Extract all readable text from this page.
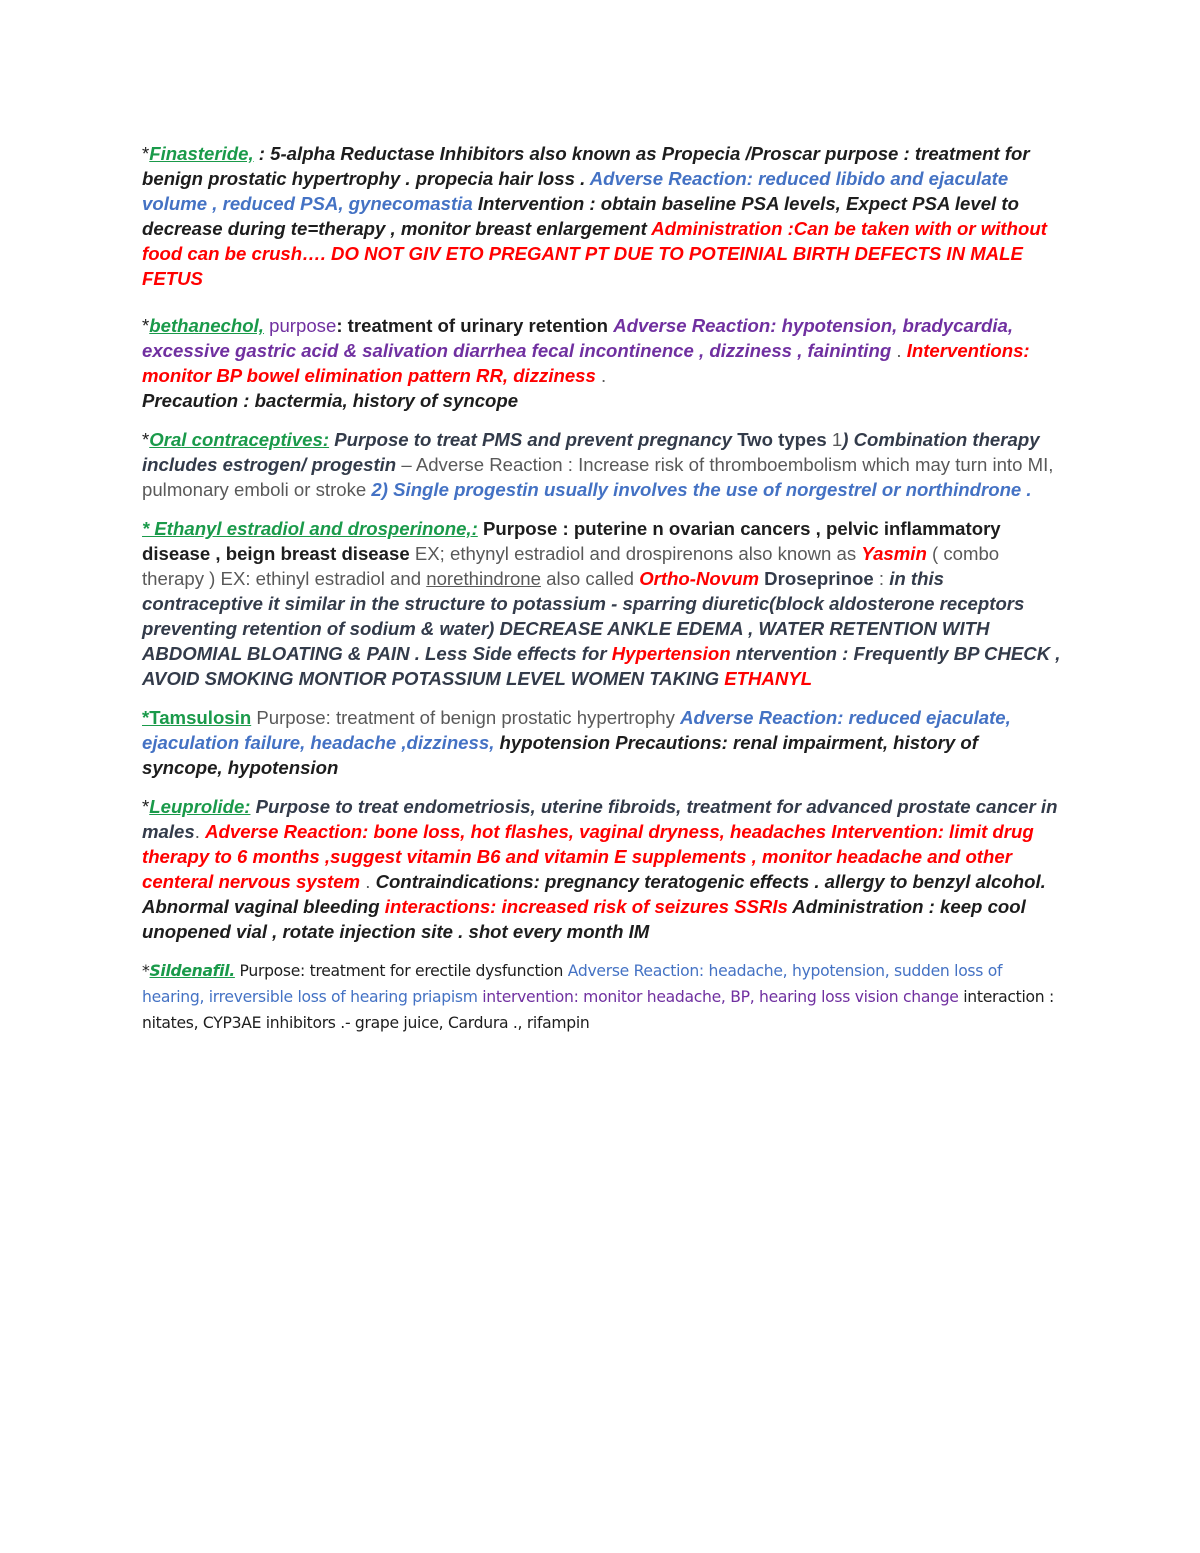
*Finasteride, : 5-alpha Reductase Inhibitors also known as Propecia /Proscar purpose : treatment for benign prostatic hypertrophy . propecia hair loss . Adverse Reaction: reduced libido and ejaculate volume , reduced PSA, gynecomastia Intervention : obtain baseline PSA levels, Expect PSA level to decrease during te=therapy , monitor breast enlargement Administration :Can be taken with or without food can be crush…. DO NOT GIV ETO PREGANT PT DUE TO POTEINIAL BIRTH DEFECTS IN MALE FETUS

*bethanechol, purpose: treatment of urinary retention Adverse Reaction: hypotension, bradycardia, excessive gastric acid & salivation diarrhea fecal incontinence , dizziness , faininting . Interventions: monitor BP bowel elimination pattern RR, dizziness .
Precaution : bactermia, history of syncope

*Oral contraceptives: Purpose to treat PMS and prevent pregnancy Two types 1) Combination therapy includes estrogen/ progestin – Adverse Reaction : Increase risk of thromboembolism which may turn into MI, pulmonary emboli or stroke 2) Single progestin usually involves the use of norgestrel or northindrone .

* Ethanyl estradiol and drosperinone,: Purpose : puterine n ovarian cancers , pelvic inflammatory disease , beign breast disease EX; ethynyl estradiol and drospirenons also known as Yasmin ( combo therapy ) EX: ethinyl estradiol and norethindrone also called Ortho-Novum Droseprinoe : in this contraceptive it similar in the structure to potassium - sparring diuretic(block aldosterone receptors preventing retention of sodium & water) DECREASE ANKLE EDEMA , WATER RETENTION WITH ABDOMIAL BLOATING & PAIN . Less Side effects for Hypertension ntervention : Frequently BP CHECK , AVOID SMOKING MONTIOR POTASSIUM LEVEL WOMEN TAKING ETHANYL

*Tamsulosin Purpose: treatment of benign prostatic hypertrophy Adverse Reaction: reduced ejaculate, ejaculation failure, headache ,dizziness, hypotension Precautions: renal impairment, history of syncope, hypotension

*Leuprolide: Purpose to treat endometriosis, uterine fibroids, treatment for advanced prostate cancer in males. Adverse Reaction: bone loss, hot flashes, vaginal dryness, headaches Intervention: limit drug therapy to 6 months ,suggest vitamin B6 and vitamin E supplements , monitor headache and other centeral nervous system . Contraindications: pregnancy teratogenic effects . allergy to benzyl alcohol. Abnormal vaginal bleeding interactions: increased risk of seizures SSRIs Administration : keep cool unopened vial , rotate injection site . shot every month IM

*Sildenafil. Purpose: treatment for erectile dysfunction Adverse Reaction: headache, hypotension, sudden loss of hearing, irreversible loss of hearing priapism intervention: monitor headache, BP, hearing loss vision change interaction : nitates, CYP3AE inhibitors .- grape juice, Cardura ., rifampin
